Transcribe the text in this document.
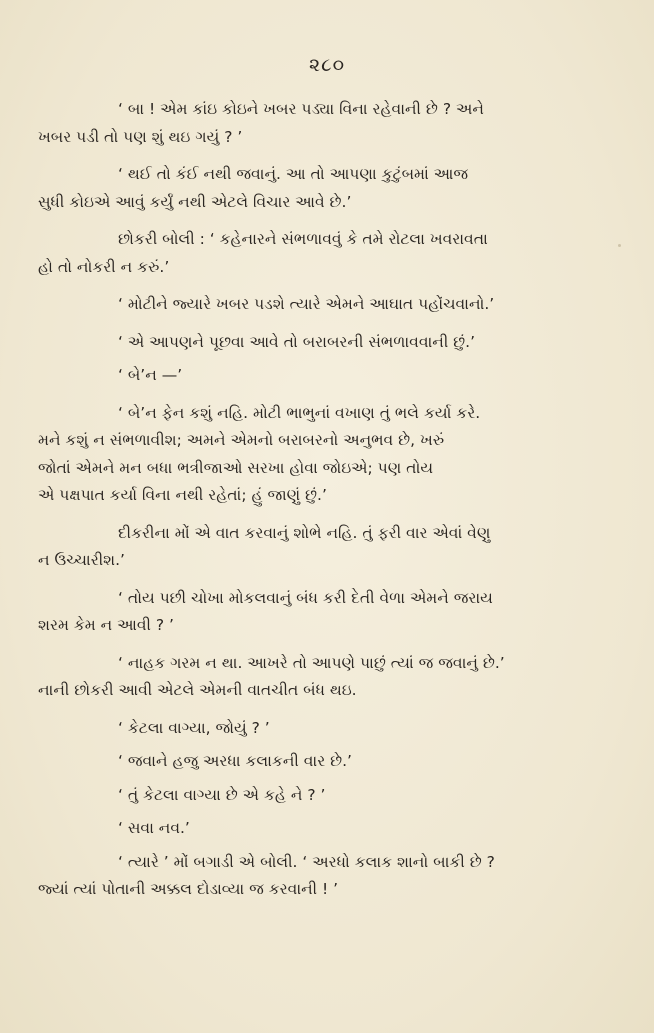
૨૮૦

‘ બા ! એમ કાંઇ કોઇને ખબર પડ્યા વિના રહેવાની છે ? અને
ખબર પડી તો પણ શું થઇ ગયું ? ’

‘ થઈ તો કંઈ નથી જવાનું. આ તો આપણા કુટુંબમાં આજ
સુધી કોઇએ આવું કર્યું નથી એટલે વિચાર આવે છે.’

છોકરી બોલી : ‘ કહેનારને સંભળાવવું કે તમે રોટલા ખવરાવતા
હો તો નોકરી ન કરું.’

‘ મોટીને જ્યારે ખબર પડશે ત્યારે એમને આઘાત પહોંચવાનો.’

‘ એ આપણને પૂછવા આવે તો બરાબરની સંભળાવવાની છું.’

‘ બે’ન —’

‘ બે’ન ફેન કશું નહિ. મોટી ભાભુનાં વખાણ તું ભલે કર્યા કરે.
મને કશું ન સંભળાવીશ; અમને એમનો બરાબરનો અનુભવ છે, ખરું
જોતાં એમને મન બધા ભત્રીજાઓ સરખા હોવા જોઇએ; પણ તોય
એ પક્ષપાત કર્યા વિના નથી રહેતાં; હું જાણું છું.’

દીકરીના મોં એ વાત કરવાનું શોભે નહિ. તું ફરી વાર એવાં વેણુ
ન ઉચ્ચારીશ.’

‘ તોય પછી ચોખા મોકલવાનું બંધ કરી દેતી વેળા એમને જરાય
શરમ કેમ ન આવી ? ’

‘ નાહક ગરમ ન થા. આખરે તો આપણે પાછું ત્યાં જ જવાનું છે.’
નાની છોકરી આવી એટલે એમની વાતચીત બંધ થઇ.

‘ કેટલા વાગ્યા, જોયું ? ’

‘ જવાને હજુ અરધા કલાકની વાર છે.’

‘ તું કેટલા વાગ્યા છે એ કહે ને ? ’

‘ સવા નવ.’

‘ ત્યારે ’ મોં બગાડી એ બોલી. ‘ અરધો કલાક શાનો બાકી છે ?
જ્યાં ત્યાં પોતાની અક્કલ દોડાવ્યા જ કરવાની ! ’
